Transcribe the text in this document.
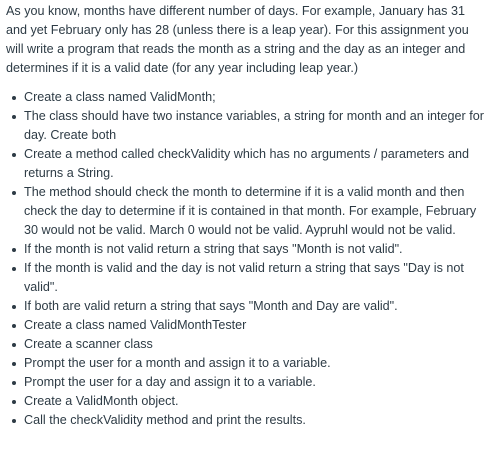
As you know, months have different number of days. For example, January has 31 and yet February only has 28 (unless there is a leap year). For this assignment you will write a program that reads the month as a string and the day as an integer and determines if it is a valid date (for any year including leap year.)

Create a class named ValidMonth;
The class should have two instance variables, a string for month and an integer for day. Create both
Create a method called checkValidity which has no arguments / parameters and returns a String.
The method should check the month to determine if it is a valid month and then check the day to determine if it is contained in that month. For example, February 30 would not be valid. March 0 would not be valid. Aypruhl would not be valid.
If the month is not valid return a string that says "Month is not valid".
If the month is valid and the day is not valid return a string that says "Day is not valid".
If both are valid return a string that says "Month and Day are valid".
Create a class named ValidMonthTester
Create a scanner class
Prompt the user for a month and assign it to a variable.
Prompt the user for a day and assign it to a variable.
Create a ValidMonth object.
Call the checkValidity method and print the results.
